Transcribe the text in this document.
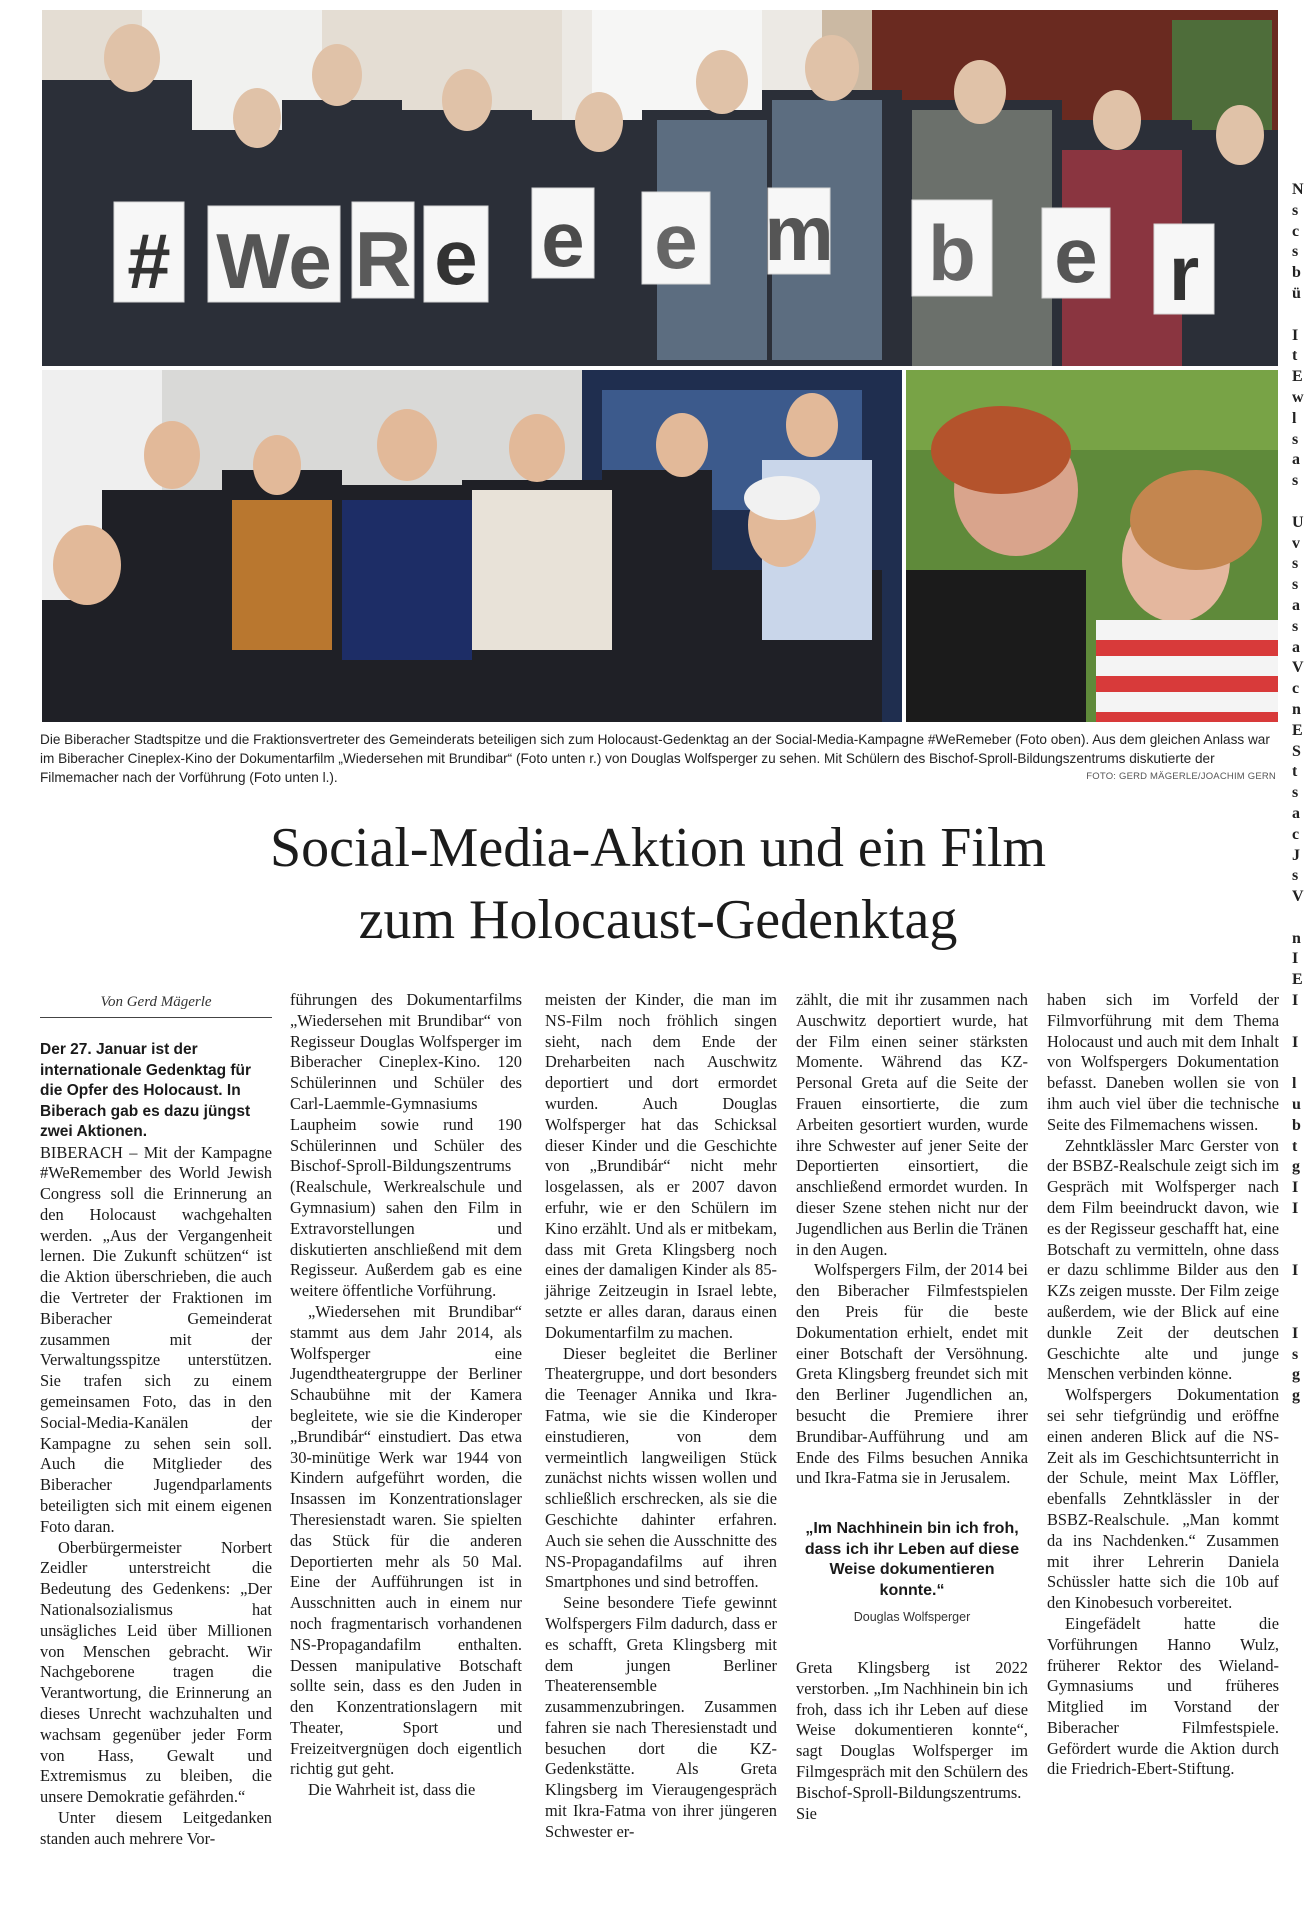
# We R e e e m b e r
Die Biberacher Stadtspitze und die Fraktionsvertreter des Gemeinderats beteiligen sich zum Holocaust-Gedenktag an der Social-Media-Kampagne #WeRemeber (Foto oben). Aus dem gleichen Anlass war im Biberacher Cineplex-Kino der Dokumentarfilm „Wiedersehen mit Brundibar“ (Foto unten r.) von Douglas Wolfsperger zu sehen. Mit Schülern des Bischof-Sproll-Bildungszentrums diskutierte der Filmemacher nach der Vorführung (Foto unten l.).	FOTO: GERD MÄGERLE/JOACHIM GERN
Social-Media-Aktion und ein Film
zum Holocaust-Gedenktag
Von Gerd Mägerle

Der 27. Januar ist der internationale Gedenktag für die Opfer des Holocaust. In Biberach gab es dazu jüngst zwei Aktionen.

BIBERACH – Mit der Kampagne #WeRemember des World Jewish Congress soll die Erinnerung an den Holocaust wachgehalten werden. „Aus der Vergangenheit lernen. Die Zukunft schützen“ ist die Aktion überschrieben, die auch die Vertreter der Fraktionen im Biberacher Gemeinderat zusammen mit der Verwaltungsspitze unterstützen. Sie trafen sich zu einem gemeinsamen Foto, das in den Social-Media-Kanälen der Kampagne zu sehen sein soll. Auch die Mitglieder des Biberacher Jugendparlaments beteiligten sich mit einem eigenen Foto daran.

Oberbürgermeister Norbert Zeidler unterstreicht die Bedeutung des Gedenkens: „Der Nationalsozialismus hat unsägliches Leid über Millionen von Menschen gebracht. Wir Nachgeborene tragen die Verantwortung, die Erinnerung an dieses Unrecht wachzuhalten und wachsam gegenüber jeder Form von Hass, Gewalt und Extremismus zu bleiben, die unsere Demokratie gefährden.“

Unter diesem Leitgedanken standen auch mehrere Vor-

führungen des Dokumentarfilms „Wiedersehen mit Brundibar“ von Regisseur Douglas Wolfsperger im Biberacher Cineplex-Kino. 120 Schülerinnen und Schüler des Carl-Laemmle-Gymnasiums Laupheim sowie rund 190 Schülerinnen und Schüler des Bischof-Sproll-Bildungszentrums (Realschule, Werkrealschule und Gymnasium) sahen den Film in Extravorstellungen und diskutierten anschließend mit dem Regisseur. Außerdem gab es eine weitere öffentliche Vorführung.

„Wiedersehen mit Brundibar“ stammt aus dem Jahr 2014, als Wolfsperger eine Jugendtheatergruppe der Berliner Schaubühne mit der Kamera begleitete, wie sie die Kinderoper „Brundibár“ einstudiert. Das etwa 30-minütige Werk war 1944 von Kindern aufgeführt worden, die Insassen im Konzentrationslager Theresienstadt waren. Sie spielten das Stück für die anderen Deportierten mehr als 50 Mal. Eine der Aufführungen ist in Ausschnitten auch in einem nur noch fragmentarisch vorhandenen NS-Propagandafilm enthalten. Dessen manipulative Botschaft sollte sein, dass es den Juden in den Konzentrationslagern mit Theater, Sport und Freizeitvergnügen doch eigentlich richtig gut geht.

Die Wahrheit ist, dass die

meisten der Kinder, die man im NS-Film noch fröhlich singen sieht, nach dem Ende der Dreharbeiten nach Auschwitz deportiert und dort ermordet wurden. Auch Douglas Wolfsperger hat das Schicksal dieser Kinder und die Geschichte von „Brundibár“ nicht mehr losgelassen, als er 2007 davon erfuhr, wie er den Schülern im Kino erzählt. Und als er mitbekam, dass mit Greta Klingsberg noch eines der damaligen Kinder als 85-jährige Zeitzeugin in Israel lebte, setzte er alles daran, daraus einen Dokumentarfilm zu machen.

Dieser begleitet die Berliner Theatergruppe, und dort besonders die Teenager Annika und Ikra-Fatma, wie sie die Kinderoper einstudieren, von dem vermeintlich langweiligen Stück zunächst nichts wissen wollen und schließlich erschrecken, als sie die Geschichte dahinter erfahren. Auch sie sehen die Ausschnitte des NS-Propagandafilms auf ihren Smartphones und sind betroffen.

Seine besondere Tiefe gewinnt Wolfspergers Film dadurch, dass er es schafft, Greta Klingsberg mit dem jungen Berliner Theaterensemble zusammenzubringen. Zusammen fahren sie nach Theresienstadt und besuchen dort die KZ-Gedenkstätte. Als Greta Klingsberg im Vieraugengespräch mit Ikra-Fatma von ihrer jüngeren Schwester er-

zählt, die mit ihr zusammen nach Auschwitz deportiert wurde, hat der Film einen seiner stärksten Momente. Während das KZ-Personal Greta auf die Seite der Frauen einsortierte, die zum Arbeiten gesortiert wurden, wurde ihre Schwester auf jener Seite der Deportierten einsortiert, die anschließend ermordet wurden. In dieser Szene stehen nicht nur der Jugendlichen aus Berlin die Tränen in den Augen.

Wolfspergers Film, der 2014 bei den Biberacher Filmfestspielen den Preis für die beste Dokumentation erhielt, endet mit einer Botschaft der Versöhnung. Greta Klingsberg freundet sich mit den Berliner Jugendlichen an, besucht die Premiere ihrer Brundibar-Aufführung und am Ende des Films besuchen Annika und Ikra-Fatma sie in Jerusalem.

„Im Nachhinein bin ich froh, dass ich ihr Leben auf diese Weise dokumentieren konnte.“
Douglas Wolfsperger

Greta Klingsberg ist 2022 verstorben. „Im Nachhinein bin ich froh, dass ich ihr Leben auf diese Weise dokumentieren konnte“, sagt Douglas Wolfsperger im Filmgespräch mit den Schülern des Bischof-Sproll-Bildungszentrums. Sie

haben sich im Vorfeld der Filmvorführung mit dem Thema Holocaust und auch mit dem Inhalt von Wolfspergers Dokumentation befasst. Daneben wollen sie von ihm auch viel über die technische Seite des Filmemachens wissen.

Zehntklässler Marc Gerster von der BSBZ-Realschule zeigt sich im Gespräch mit Wolfsperger nach dem Film beeindruckt davon, wie es der Regisseur geschafft hat, eine Botschaft zu vermitteln, ohne dass er dazu schlimme Bilder aus den KZs zeigen musste. Der Film zeige außerdem, wie der Blick auf eine dunkle Zeit der deutschen Geschichte alte und junge Menschen verbinden könne.

Wolfspergers Dokumentation sei sehr tiefgründig und eröffne einen anderen Blick auf die NS-Zeit als im Geschichtsunterricht in der Schule, meint Max Löffler, ebenfalls Zehntklässler in der BSBZ-Realschule. „Man kommt da ins Nachdenken.“ Zusammen mit ihrer Lehrerin Daniela Schüssler hatte sich die 10b auf den Kinobesuch vorbereitet.

Eingefädelt hatte die Vorführungen Hanno Wulz, früherer Rektor des Wieland-Gymnasiums und früheres Mitglied im Vorstand der Biberacher Filmfestspiele. Gefördert wurde die Aktion durch die Friedrich-Ebert-Stiftung.

N
s
c
s
b
ü

I
t
E
w
l
s
a
s

U
v
s
s
a
s
a
V
c
n
E
S
t
s
a
c
J
s
V

n
I
E
I

I

l
u
b
t
g
I
I

I

I
s
g
g
